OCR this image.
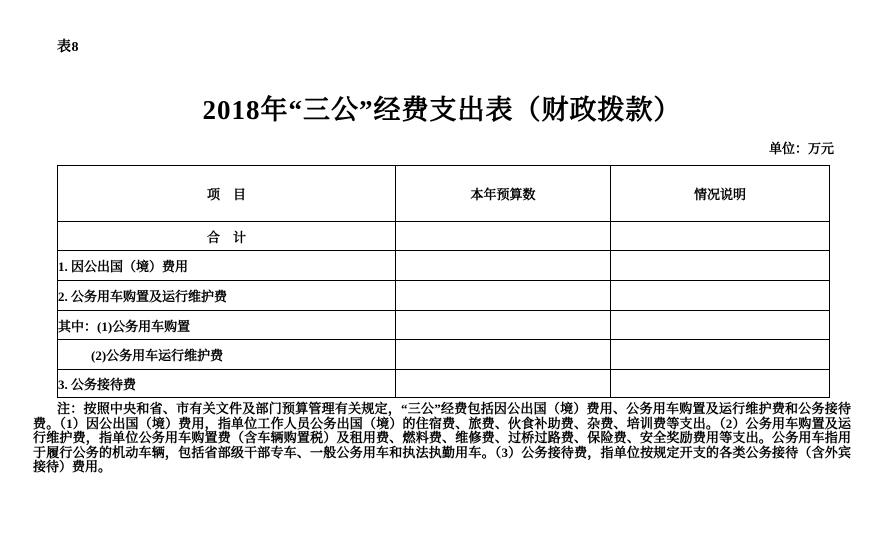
表8
2018年“三公”经费支出表（财政拨款）
单位：万元
项　目	本年预算数	情况说明
合　计		
1. 因公出国（境）费用		
2. 公务用车购置及运行维护费		
其中：(1)公务用车购置		
(2)公务用车运行维护费		
3. 公务接待费		

注：按照中央和省、市有关文件及部门预算管理有关规定，“三公”经费包括因公出国（境）费用、公务用车购置及运行维护费和公务接待费。（1）因公出国（境）费用，指单位工作人员公务出国（境）的住宿费、旅费、伙食补助费、杂费、培训费等支出。（2）公务用车购置及运行维护费，指单位公务用车购置费（含车辆购置税）及租用费、燃料费、维修费、过桥过路费、保险费、安全奖励费用等支出。公务用车指用于履行公务的机动车辆，包括省部级干部专车、一般公务用车和执法执勤用车。（3）公务接待费，指单位按规定开支的各类公务接待（含外宾接待）费用。
